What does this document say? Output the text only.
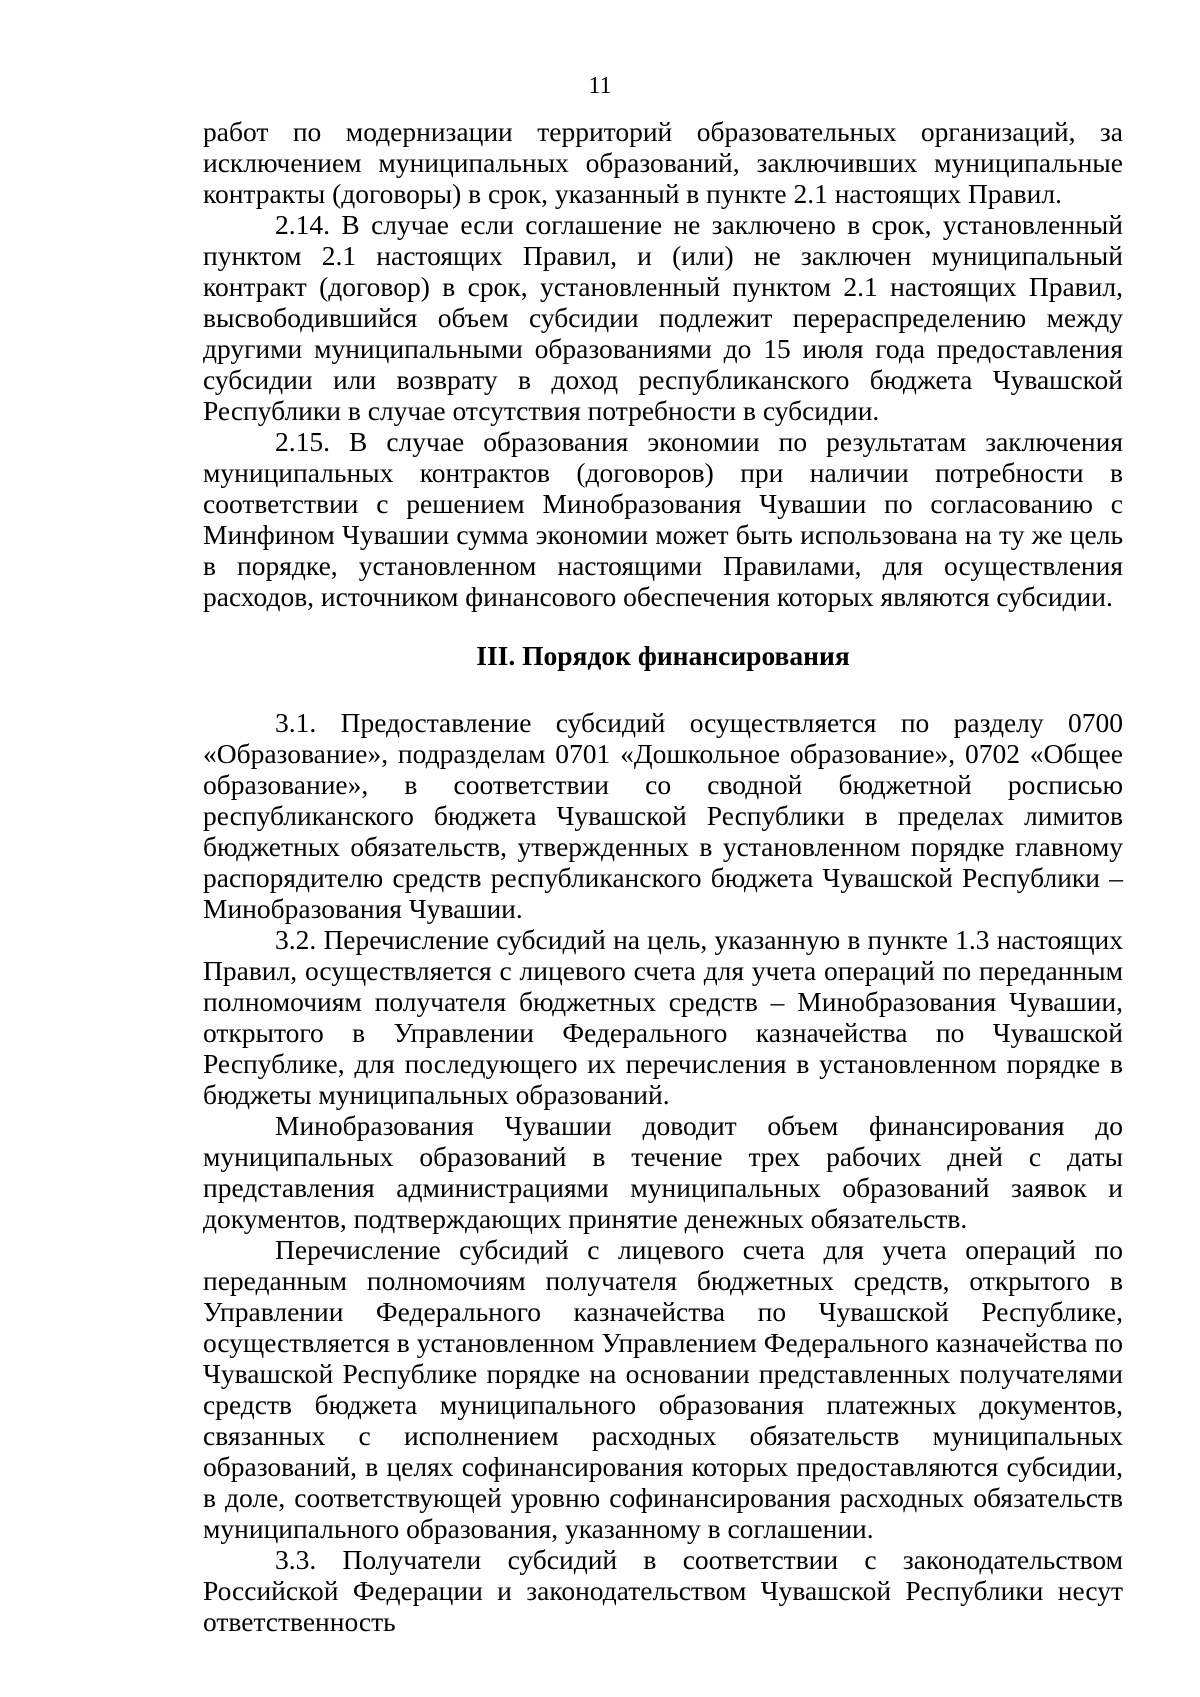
11

работ по модернизации территорий образовательных организаций, за исключением муниципальных образований, заключивших муниципальные контракты (договоры) в срок, указанный в пункте 2.1 настоящих Правил.

2.14. В случае если соглашение не заключено в срок, установленный пунктом 2.1 настоящих Правил, и (или) не заключен муниципальный контракт (договор) в срок, установленный пунктом 2.1 настоящих Правил, высвободившийся объем субсидии подлежит перераспределению между другими муниципальными образованиями до 15 июля года предоставления субсидии или возврату в доход республиканского бюджета Чувашской Республики в случае отсутствия потребности в субсидии.

2.15. В случае образования экономии по результатам заключения муниципальных контрактов (договоров) при наличии потребности в соответствии с решением Минобразования Чувашии по согласованию с Минфином Чувашии сумма экономии может быть использована на ту же цель в порядке, установленном настоящими Правилами, для осуществления расходов, источником финансового обеспечения которых являются субсидии.

III. Порядок финансирования

3.1. Предоставление субсидий осуществляется по разделу 0700 «Образование», подразделам 0701 «Дошкольное образование», 0702 «Общее образование», в соответствии со сводной бюджетной росписью республиканского бюджета Чувашской Республики в пределах лимитов бюджетных обязательств, утвержденных в установленном порядке главному распорядителю средств республиканского бюджета Чувашской Республики – Минобразования Чувашии.

3.2. Перечисление субсидий на цель, указанную в пункте 1.3 настоящих Правил, осуществляется с лицевого счета для учета операций по переданным полномочиям получателя бюджетных средств – Минобразования Чувашии, открытого в Управлении Федерального казначейства по Чувашской Республике, для последующего их перечисления в установленном порядке в бюджеты муниципальных образований.

Минобразования Чувашии доводит объем финансирования до муниципальных образований в течение трех рабочих дней с даты представления администрациями муниципальных образований заявок и документов, подтверждающих принятие денежных обязательств.

Перечисление субсидий с лицевого счета для учета операций по переданным полномочиям получателя бюджетных средств, открытого в Управлении Федерального казначейства по Чувашской Республике, осуществляется в установленном Управлением Федерального казначейства по Чувашской Республике порядке на основании представленных получателями средств бюджета муниципального образования платежных документов, связанных с исполнением расходных обязательств муниципальных образований, в целях софинансирования которых предоставляются субсидии, в доле, соответствующей уровню софинансирования расходных обязательств муниципального образования, указанному в соглашении.

3.3. Получатели субсидий в соответствии с законодательством Российской Федерации и законодательством Чувашской Республики несут ответственность
